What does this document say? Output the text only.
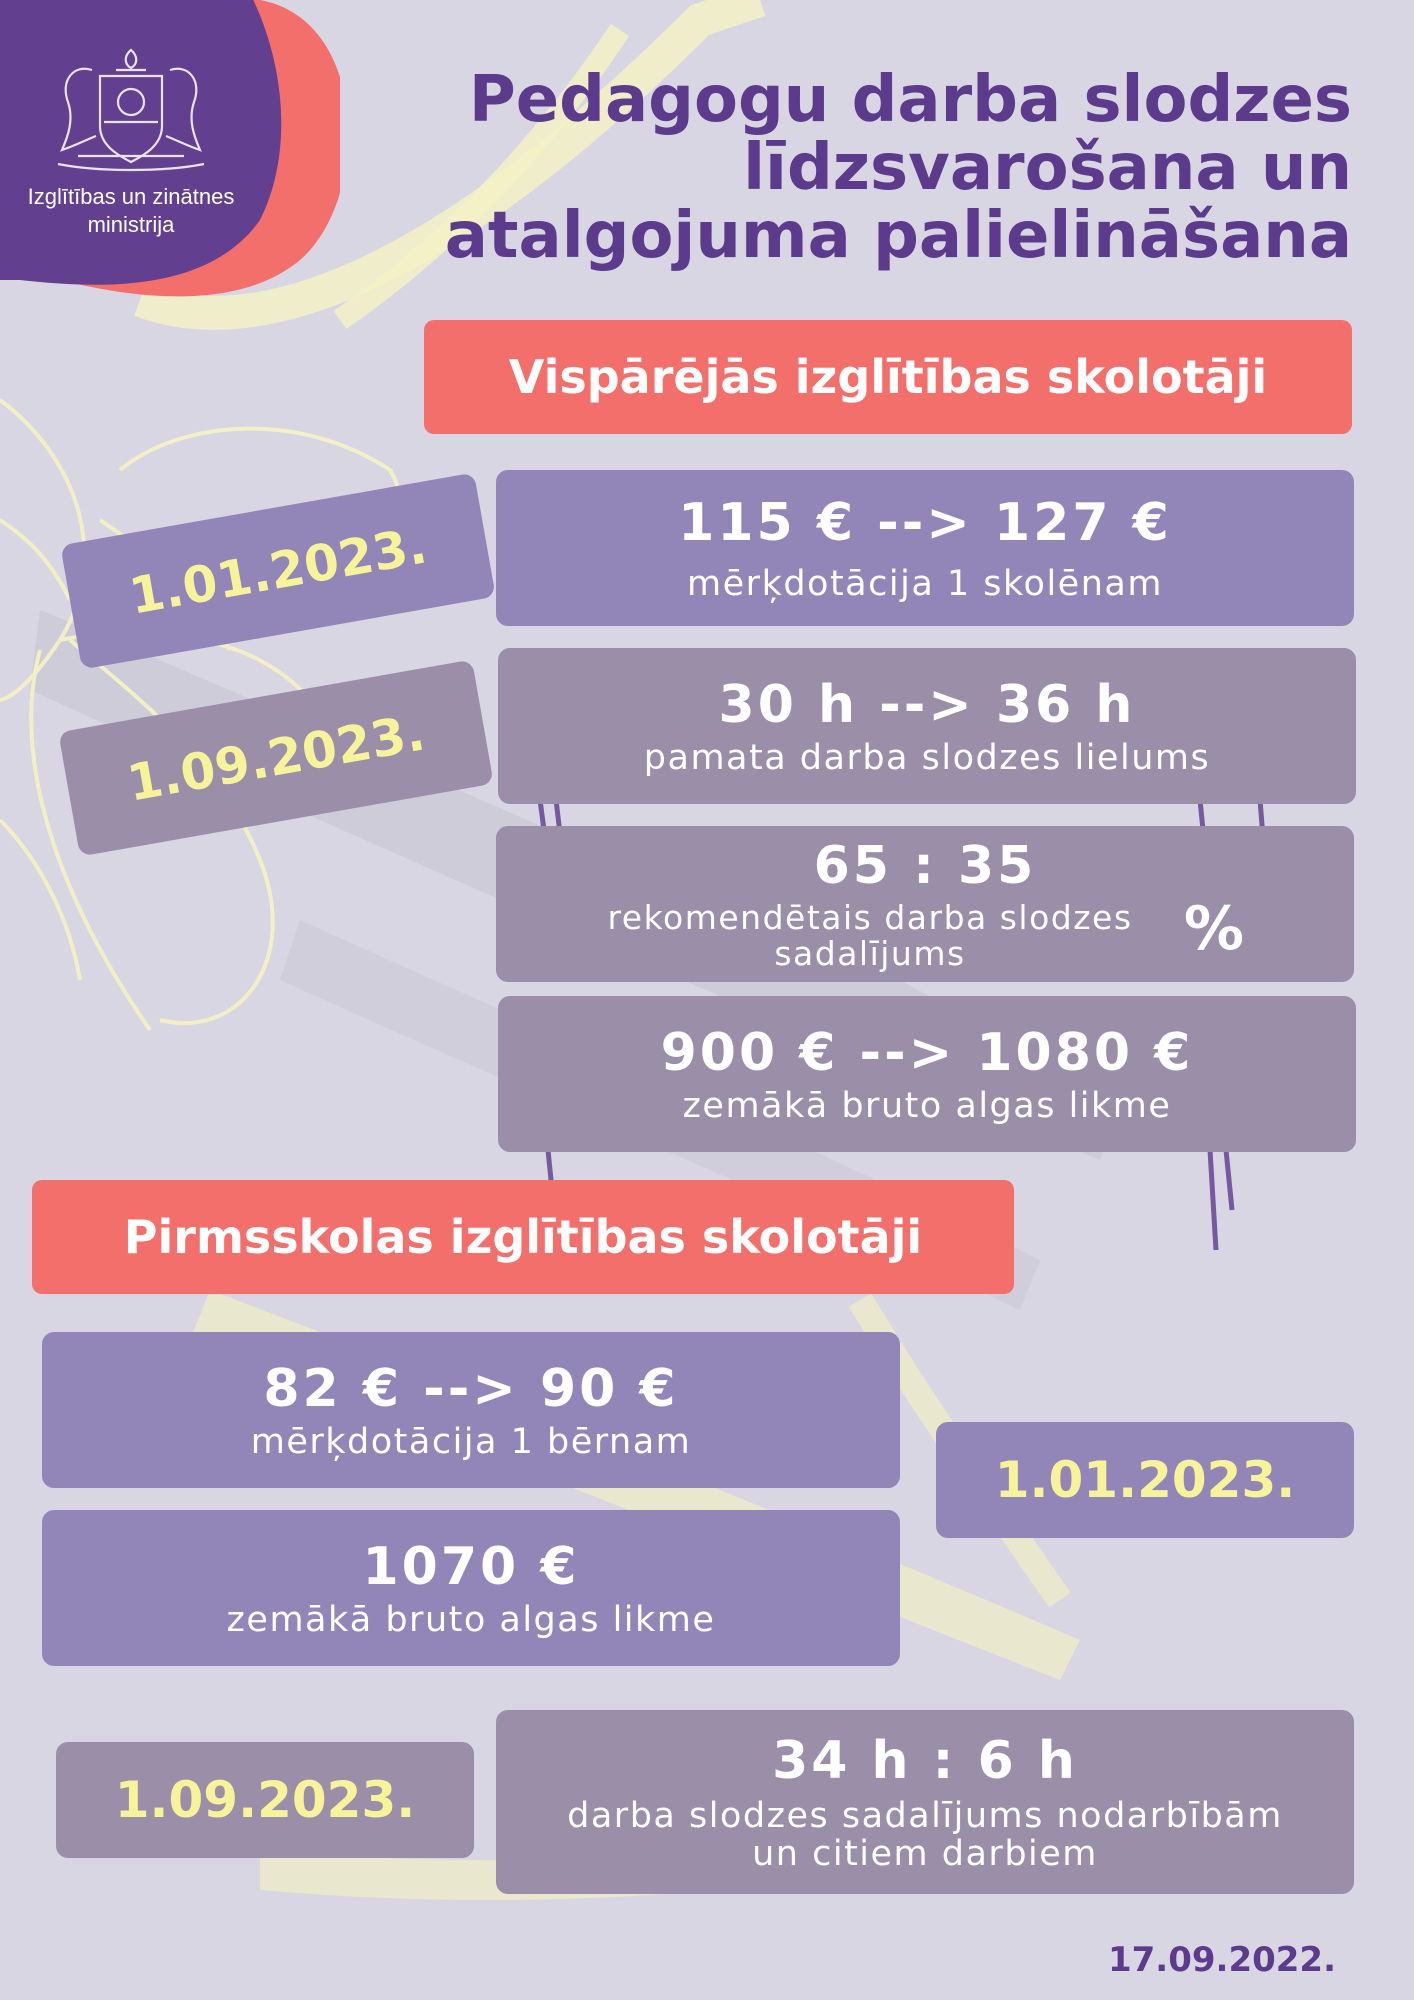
Izglītības un zinātnes
ministrija
Pedagogu darba slodzes
līdzsvarošana un
atalgojuma palielināšana
Vispārējās izglītības skolotāji
115 € --> 127 €
mērķdotācija 1 skolēnam
1.01.2023.
30 h --> 36 h
pamata darba slodzes lielums
1.09.2023.
65 : 35
rekomendētais darba slodzes
sadalījums	%
900 € --> 1080 €
zemākā bruto algas likme
Pirmsskolas izglītības skolotāji
82 € --> 90 €
mērķdotācija 1 bērnam
1070 €
zemākā bruto algas likme
1.01.2023.
1.09.2023.
34 h : 6 h
darba slodzes sadalījums nodarbībām
un citiem darbiem
17.09.2022.
